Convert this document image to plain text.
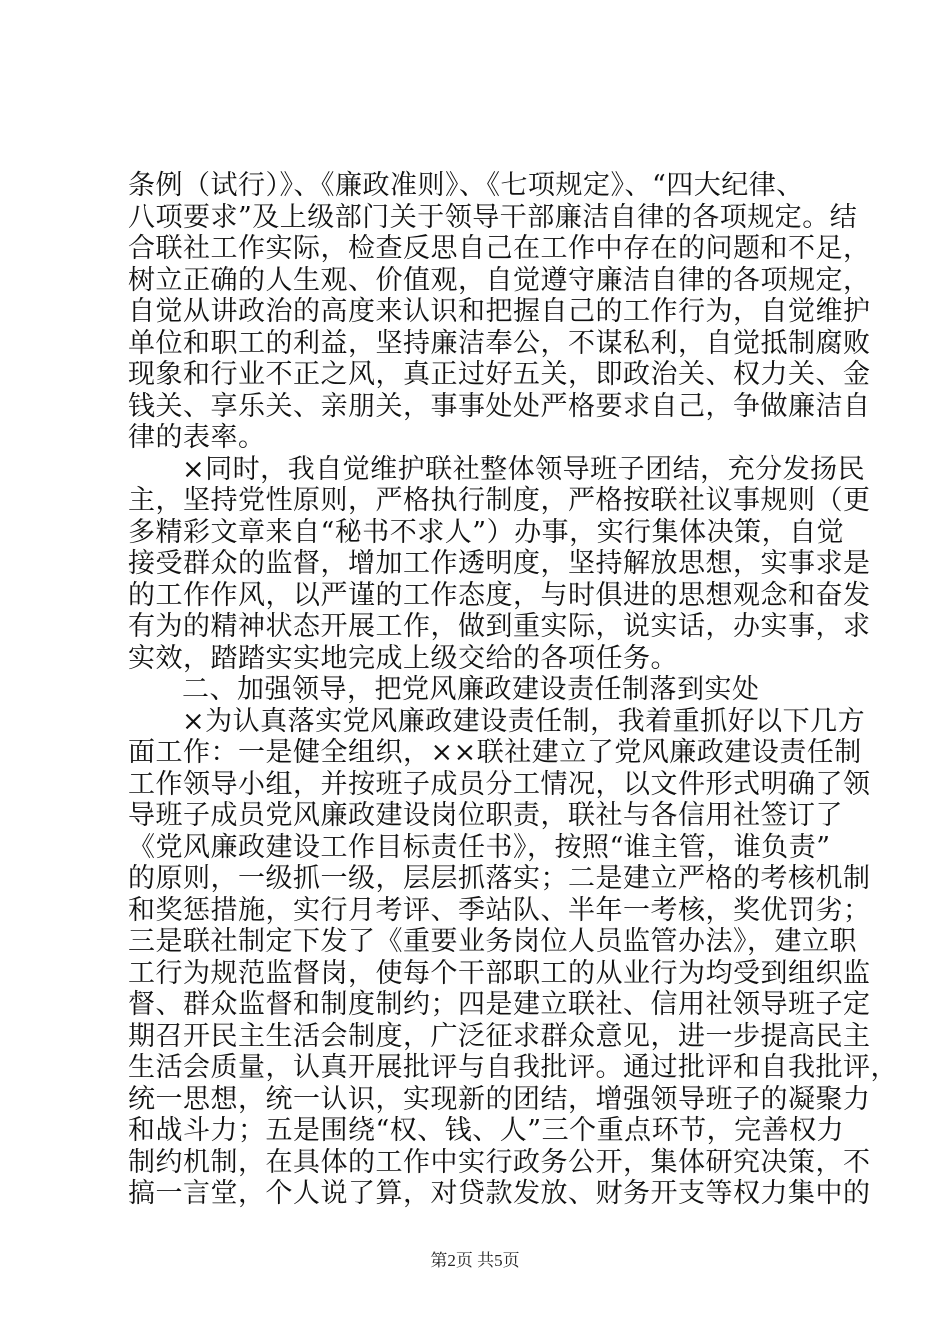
条例（试行）》、《廉政准则》、《七项规定》、“四大纪律、
八项要求”及上级部门关于领导干部廉洁自律的各项规定。结
合联社工作实际，检查反思自己在工作中存在的问题和不足，
树立正确的人生观、价值观，自觉遵守廉洁自律的各项规定，
自觉从讲政治的高度来认识和把握自己的工作行为，自觉维护
单位和职工的利益，坚持廉洁奉公，不谋私利，自觉抵制腐败
现象和行业不正之风，真正过好五关，即政治关、权力关、金
钱关、享乐关、亲朋关，事事处处严格要求自己，争做廉洁自
律的表率。
×同时，我自觉维护联社整体领导班子团结，充分发扬民
主，坚持党性原则，严格执行制度，严格按联社议事规则（更
多精彩文章来自“秘书不求人”）办事，实行集体决策，自觉
接受群众的监督，增加工作透明度，坚持解放思想，实事求是
的工作作风，以严谨的工作态度，与时俱进的思想观念和奋发
有为的精神状态开展工作，做到重实际，说实话，办实事，求
实效，踏踏实实地完成上级交给的各项任务。
二、加强领导，把党风廉政建设责任制落到实处
×为认真落实党风廉政建设责任制，我着重抓好以下几方
面工作：一是健全组织，××联社建立了党风廉政建设责任制
工作领导小组，并按班子成员分工情况，以文件形式明确了领
导班子成员党风廉政建设岗位职责，联社与各信用社签订了
《党风廉政建设工作目标责任书》，按照“谁主管，谁负责”
的原则，一级抓一级，层层抓落实；二是建立严格的考核机制
和奖惩措施，实行月考评、季站队、半年一考核，奖优罚劣；
三是联社制定下发了《重要业务岗位人员监管办法》，建立职
工行为规范监督岗，使每个干部职工的从业行为均受到组织监
督、群众监督和制度制约；四是建立联社、信用社领导班子定
期召开民主生活会制度，广泛征求群众意见，进一步提高民主
生活会质量，认真开展批评与自我批评。通过批评和自我批评，
统一思想，统一认识，实现新的团结，增强领导班子的凝聚力
和战斗力；五是围绕“权、钱、人”三个重点环节，完善权力
制约机制，在具体的工作中实行政务公开，集体研究决策，不
搞一言堂，个人说了算，对贷款发放、财务开支等权力集中的
第2页 共5页
